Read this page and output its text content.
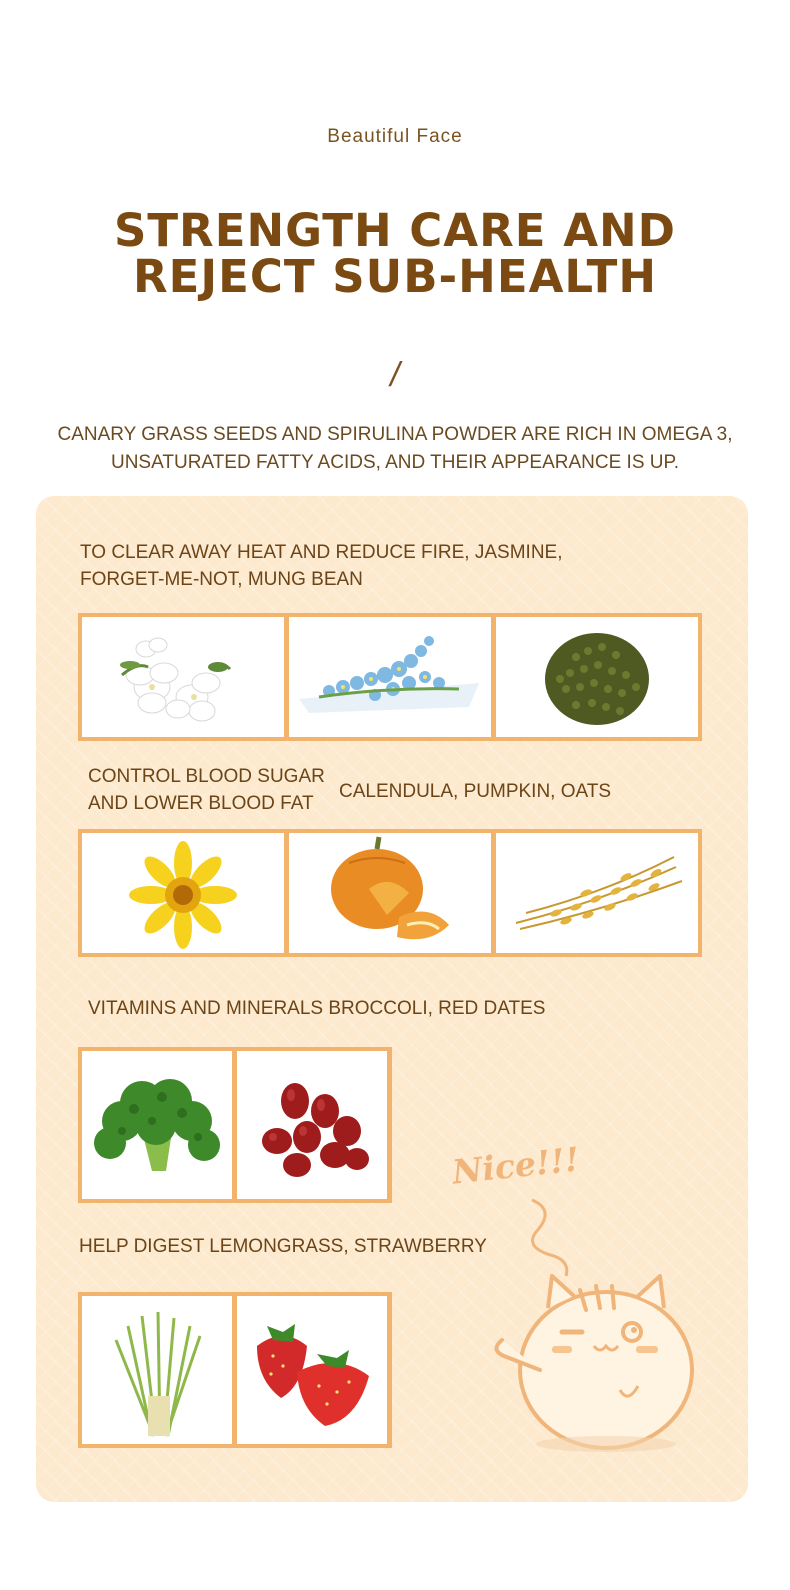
Beautiful Face
STRENGTH CARE AND
REJECT SUB-HEALTH
/
CANARY GRASS SEEDS AND SPIRULINA POWDER ARE RICH IN OMEGA 3,
UNSATURATED FATTY ACIDS, AND THEIR APPEARANCE IS UP.
TO CLEAR AWAY HEAT AND REDUCE FIRE, JASMINE,
FORGET-ME-NOT, MUNG BEAN
CONTROL BLOOD SUGAR
AND LOWER BLOOD FAT
CALENDULA, PUMPKIN, OATS
VITAMINS AND MINERALS BROCCOLI, RED DATES
HELP DIGEST LEMONGRASS, STRAWBERRY
Nice!!!
